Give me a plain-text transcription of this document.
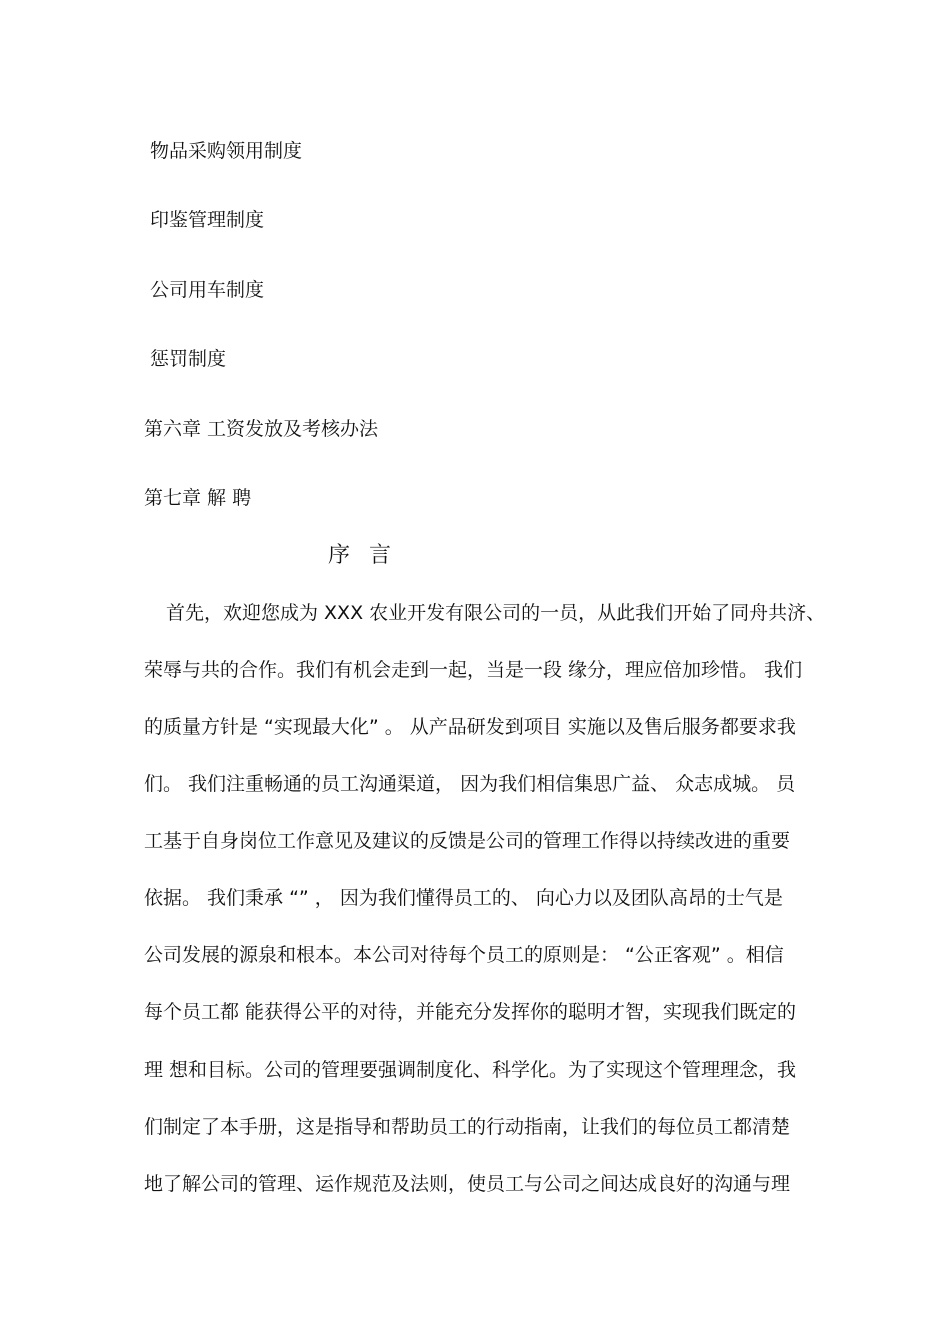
物品采购领用制度
印鉴管理制度
公司用车制度
惩罚制度
第六章 工资发放及考核办法
第七章 解 聘
序 言
首先，欢迎您成为 XXX 农业开发有限公司的一员，从此我们开始了同舟共济、
荣辱与共的合作。我们有机会走到一起，当是一段 缘分，理应倍加珍惜。 我们
的质量方针是 “实现最大化” 。 从产品研发到项目 实施以及售后服务都要求我
们。 我们注重畅通的员工沟通渠道， 因为我们相信集思广益、 众志成城。 员
工基于自身岗位工作意见及建议的反馈是公司的管理工作得以持续改进的重要
依据。 我们秉承 “” ， 因为我们懂得员工的、 向心力以及团队高昂的士气是
公司发展的源泉和根本。本公司对待每个员工的原则是： “公正客观” 。相信
每个员工都 能获得公平的对待，并能充分发挥你的聪明才智，实现我们既定的
理 想和目标。公司的管理要强调制度化、科学化。为了实现这个管理理念，我
们制定了本手册，这是指导和帮助员工的行动指南，让我们的每位员工都清楚
地了解公司的管理、运作规范及法则，使员工与公司之间达成良好的沟通与理
